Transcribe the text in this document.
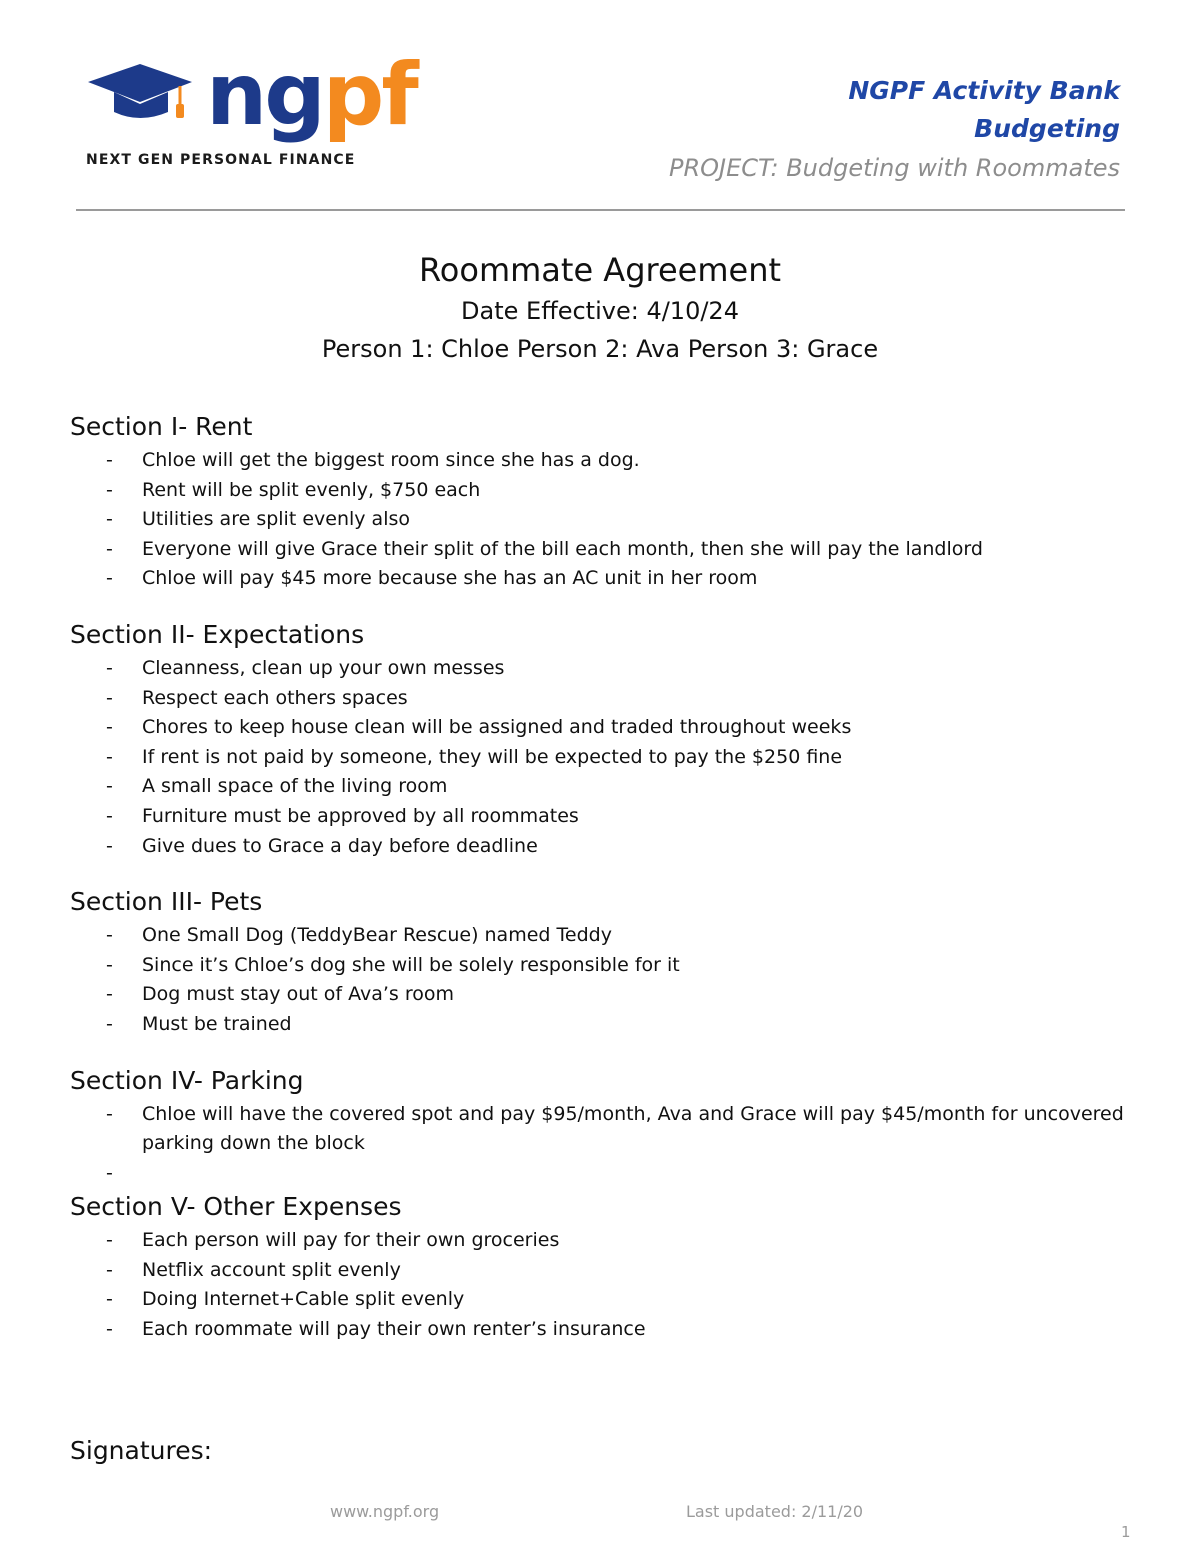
ngpf
NEXT GEN PERSONAL FINANCE
NGPF Activity Bank
Budgeting
PROJECT: Budgeting with Roommates
Roommate Agreement
Date Effective: 4/10/24
Person 1: Chloe Person 2: Ava Person 3: Grace
Section I- Rent
- Chloe will get the biggest room since she has a dog.
- Rent will be split evenly, $750 each
- Utilities are split evenly also
- Everyone will give Grace their split of the bill each month, then she will pay the landlord
- Chloe will pay $45 more because she has an AC unit in her room
Section II- Expectations
- Cleanness, clean up your own messes
- Respect each others spaces
- Chores to keep house clean will be assigned and traded throughout weeks
- If rent is not paid by someone, they will be expected to pay the $250 fine
- A small space of the living room
- Furniture must be approved by all roommates
- Give dues to Grace a day before deadline
Section III- Pets
- One Small Dog (TeddyBear Rescue) named Teddy
- Since it’s Chloe’s dog she will be solely responsible for it
- Dog must stay out of Ava’s room
- Must be trained
Section IV- Parking
- Chloe will have the covered spot and pay $95/month, Ava and Grace will pay $45/month for uncovered parking down the block
-
Section V- Other Expenses
- Each person will pay for their own groceries
- Netflix account split evenly
- Doing Internet+Cable split evenly
- Each roommate will pay their own renter’s insurance
Signatures:
www.ngpf.org	Last updated: 2/11/20
1
